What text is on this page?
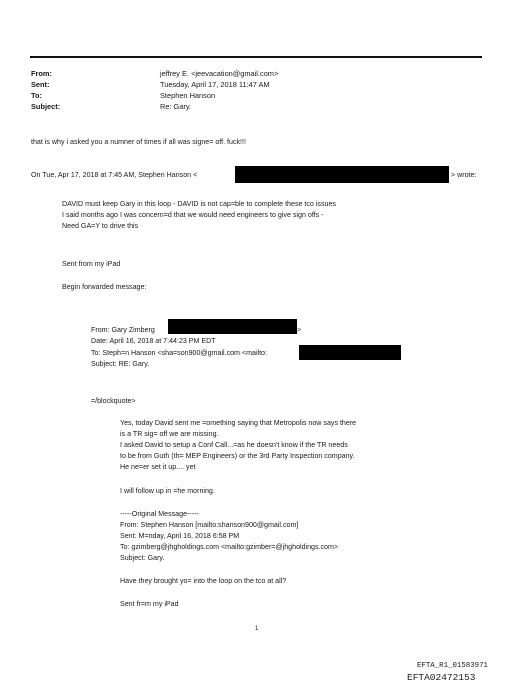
From:
Sent:
To:
Subject:
jeffrey E. <jeevacation@gmail.com>
Tuesday, April 17, 2018 11:47 AM
Stephen Hanson
Re: Gary.
that is why i asked you a numner of times if all was signe= off. fuck!!!
On Tue, Apr 17, 2018 at 7:45 AM, Stephen Hanson <	> wrote:
DAVID must keep Gary in this loop - DAVID is not cap=ble to complete these tco issues
I said months ago I was concern=d that we would need engineers to give sign offs -
Need GA=Y to drive this
Sent from my iPad
Begin forwarded message:
From: Gary Zimberg	>
Date: April 16, 2018 at 7:44:23 PM EDT
To: Steph=n Hanson <sha=son900@gmail.com <mailto:
Subject: RE: Gary.
=/blockquote>
Yes, today David sent me =omething saying that Metropolis now says there
is a TR sig= off we are missing.
I asked David to setup a Conf Call...=as he doesn't know if the TR needs
to be from Guth (th= MEP Engineers) or the 3rd Party Inspection company.
He ne=er set it up.... yet
I will follow up in =he morning.
-----Original Message-----
From: Stephen Hanson [mailto:shanson900@gmail.com]
Sent: M=nday, April 16, 2018 6:58 PM
To: gzimberg@jhgholdings.com <mailto:gzimber=@jhgholdings.com>
Subject: Gary.
Have they brought yo= into the loop on the tco at all?
Sent fr=m my iPad
1
EFTA_R1_01583971
EFTA02472153
